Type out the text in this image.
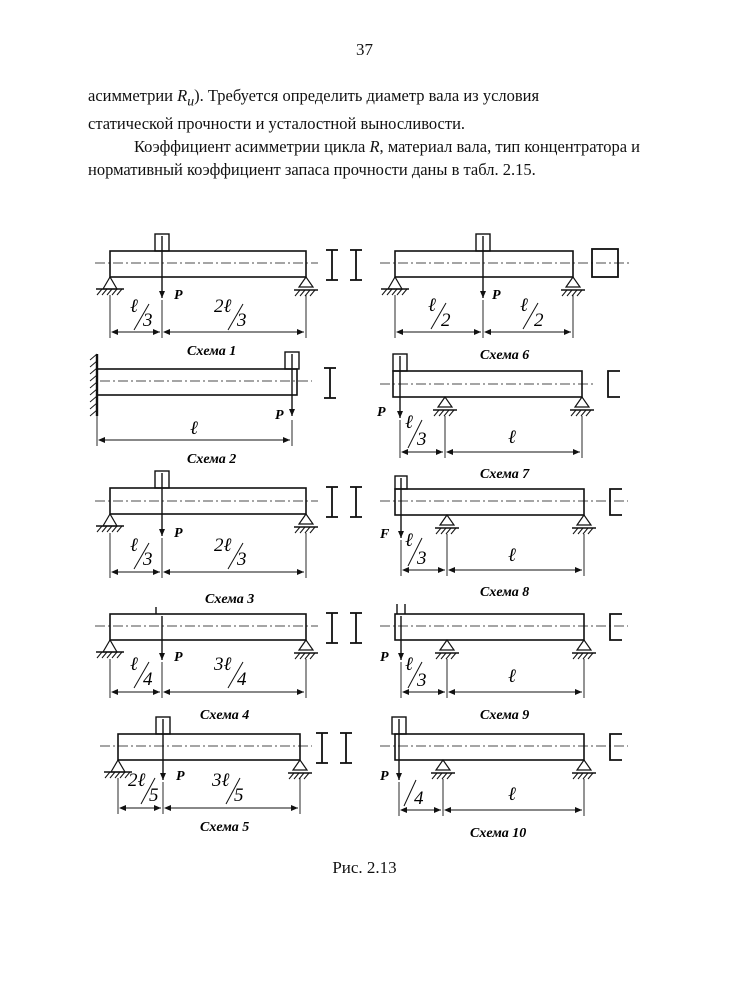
37

асимметрии $R_и$). Требуется определить диаметр вала из условия
статической прочности и усталостной выносливости.

Коэффициент асимметрии цикла R, материал вала, тип концентратора и нормативный коэффициент запаса прочности даны в табл. 2.15.

P
ℓ
3
2ℓ
3
Схема 1
P
ℓ
Схема 2
P
ℓ
3
2ℓ
3
Схема 3
P
ℓ
4
3ℓ
4
Схема 4
P
2ℓ
5
3ℓ
5
Схема 5
P
ℓ
2
ℓ
2
Схема 6
P ℓ
3	ℓ
Схема 7
F ℓ
3	ℓ
Схема 8
P ℓ
3	ℓ
Схема 9
P
4	ℓ
Схема 10
Рис. 2.13
